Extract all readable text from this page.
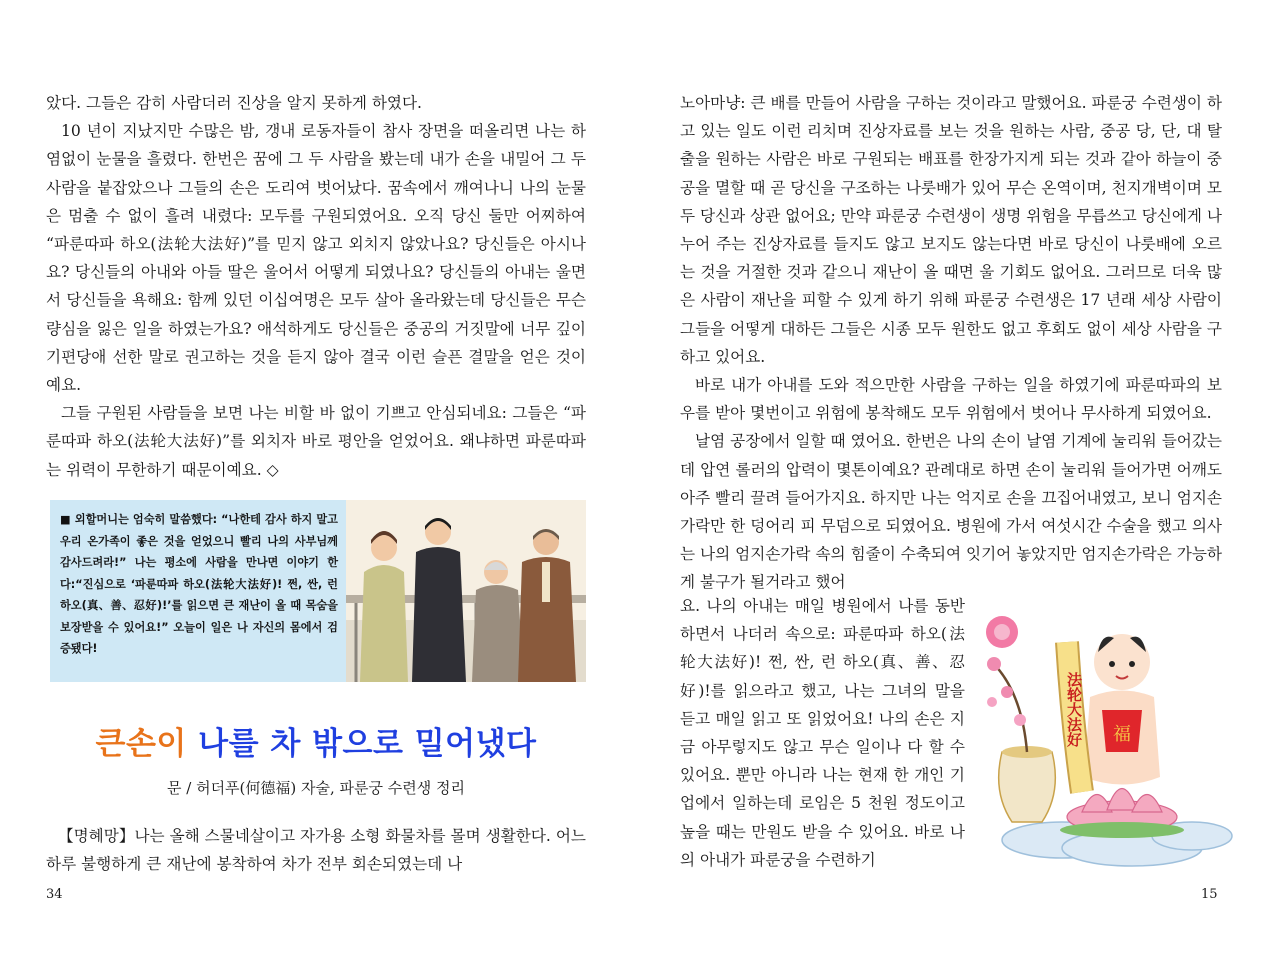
았다. 그들은 감히 사람더러 진상을 알지 못하게 하였다.

10 년이 지났지만 수많은 밤, 갱내 로동자들이 참사 장면을 떠올리면 나는 하염없이 눈물을 흘렸다. 한번은 꿈에 그 두 사람을 봤는데 내가 손을 내밀어 그 두사람을 붙잡았으나 그들의 손은 도리여 벗어났다. 꿈속에서 깨여나니 나의 눈물은 멈출 수 없이 흘려 내렸다: 모두를 구원되였어요. 오직 당신 둘만 어찌하여 “파룬따파 하오(法轮大法好)”를 믿지 않고 외치지 않았나요? 당신들은 아시나요? 당신들의 아내와 아들 딸은 울어서 어떻게 되였나요? 당신들의 아내는 울면서 당신들을 욕해요: 함께 있던 이십여명은 모두 살아 올라왔는데 당신들은 무슨 량심을 잃은 일을 하였는가요? 애석하게도 당신들은 중공의 거짓말에 너무 깊이 기편당애 선한 말로 권고하는 것을 듣지 않아 결국 이런 슬픈 결말을 얻은 것이예요.

그들 구원된 사람들을 보면 나는 비할 바 없이 기쁘고 안심되네요: 그들은 “파룬따파 하오(法轮大法好)”를 외치자 바로 평안을 얻었어요. 왜냐하면 파룬따파는 위력이 무한하기 때문이예요. ◇

■ 외할머니는 엄숙히 말씀했다: “나한테 감사 하지 말고 우리 온가족이 좋은 것을 얻었으니 빨리 나의 사부님께 감사드려라!” 나는 평소에 사람을 만나면 이야기 한다:“진심으로 ‘파룬따파 하오(法轮大法好)! 쩐, 싼, 런 하오(真、善、忍好)!’를 읽으면 큰 재난이 올 때 목숨을 보장받을 수 있어요!” 오늘이 일은 나 자신의 몸에서 검증됐다!
큰손이 나를 차 밖으로 밀어냈다
문 / 허더푸(何德福) 자술, 파룬궁 수련생 정리

【명혜망】나는 올해 스물네살이고 자가용 소형 화물차를 몰며 생활한다. 어느 하루 불행하게 큰 재난에 봉착하여 차가 전부 회손되였는데 나

34

노아마냥: 큰 배를 만들어 사람을 구하는 것이라고 말했어요. 파룬궁 수련생이 하고 있는 일도 이런 리치며 진상자료를 보는 것을 원하는 사람, 중공 당, 단, 대 탈출을 원하는 사람은 바로 구원되는 배표를 한장가지게 되는 것과 같아 하늘이 중공을 멸할 때 곧 당신을 구조하는 나룻배가 있어 무슨 온역이며, 천지개벽이며 모두 당신과 상관 없어요; 만약 파룬궁 수련생이 생명 위험을 무릅쓰고 당신에게 나누어 주는 진상자료를 들지도 않고 보지도 않는다면 바로 당신이 나룻배에 오르는 것을 거절한 것과 같으니 재난이 올 때면 울 기회도 없어요. 그러므로 더욱 많은 사람이 재난을 피할 수 있게 하기 위해 파룬궁 수련생은 17 년래 세상 사람이 그들을 어떻게 대하든 그들은 시종 모두 원한도 없고 후회도 없이 세상 사람을 구하고 있어요.

바로 내가 아내를 도와 적으만한 사람을 구하는 일을 하였기에 파룬따파의 보우를 받아 몇번이고 위험에 봉착해도 모두 위험에서 벗어나 무사하게 되였어요.

날염 공장에서 일할 때 였어요. 한번은 나의 손이 날염 기계에 눌리워 들어갔는데 압연 롤러의 압력이 몇톤이예요? 관례대로 하면 손이 눌리워 들어가면 어깨도 아주 빨리 끌려 들어가지요. 하지만 나는 억지로 손을 끄집어내였고, 보니 엄지손가락만 한 덩어리 피 무덤으로 되였어요. 병원에 가서 여섯시간 수술을 했고 의사는 나의 엄지손가락 속의 힘줄이 수축되여 잇기어 놓았지만 엄지손가락은 가능하게 불구가 될거라고 했어

요. 나의 아내는 매일 병원에서 나를 동반하면서 나더러 속으로: 파룬따파 하오(法轮大法好)! 쩐, 싼, 런 하오(真、善、忍好)!를 읽으라고 했고, 나는 그녀의 말을 듣고 매일 읽고 또 읽었어요! 나의 손은 지금 아무렇지도 않고 무슨 일이나 다 할 수 있어요. 뿐만 아니라 나는 현재 한 개인 기업에서 일하는데 로임은 5 천원 정도이고 높을 때는 만원도 받을 수 있어요. 바로 나의 아내가 파룬궁을 수련하기

福
法轮大法好
15
